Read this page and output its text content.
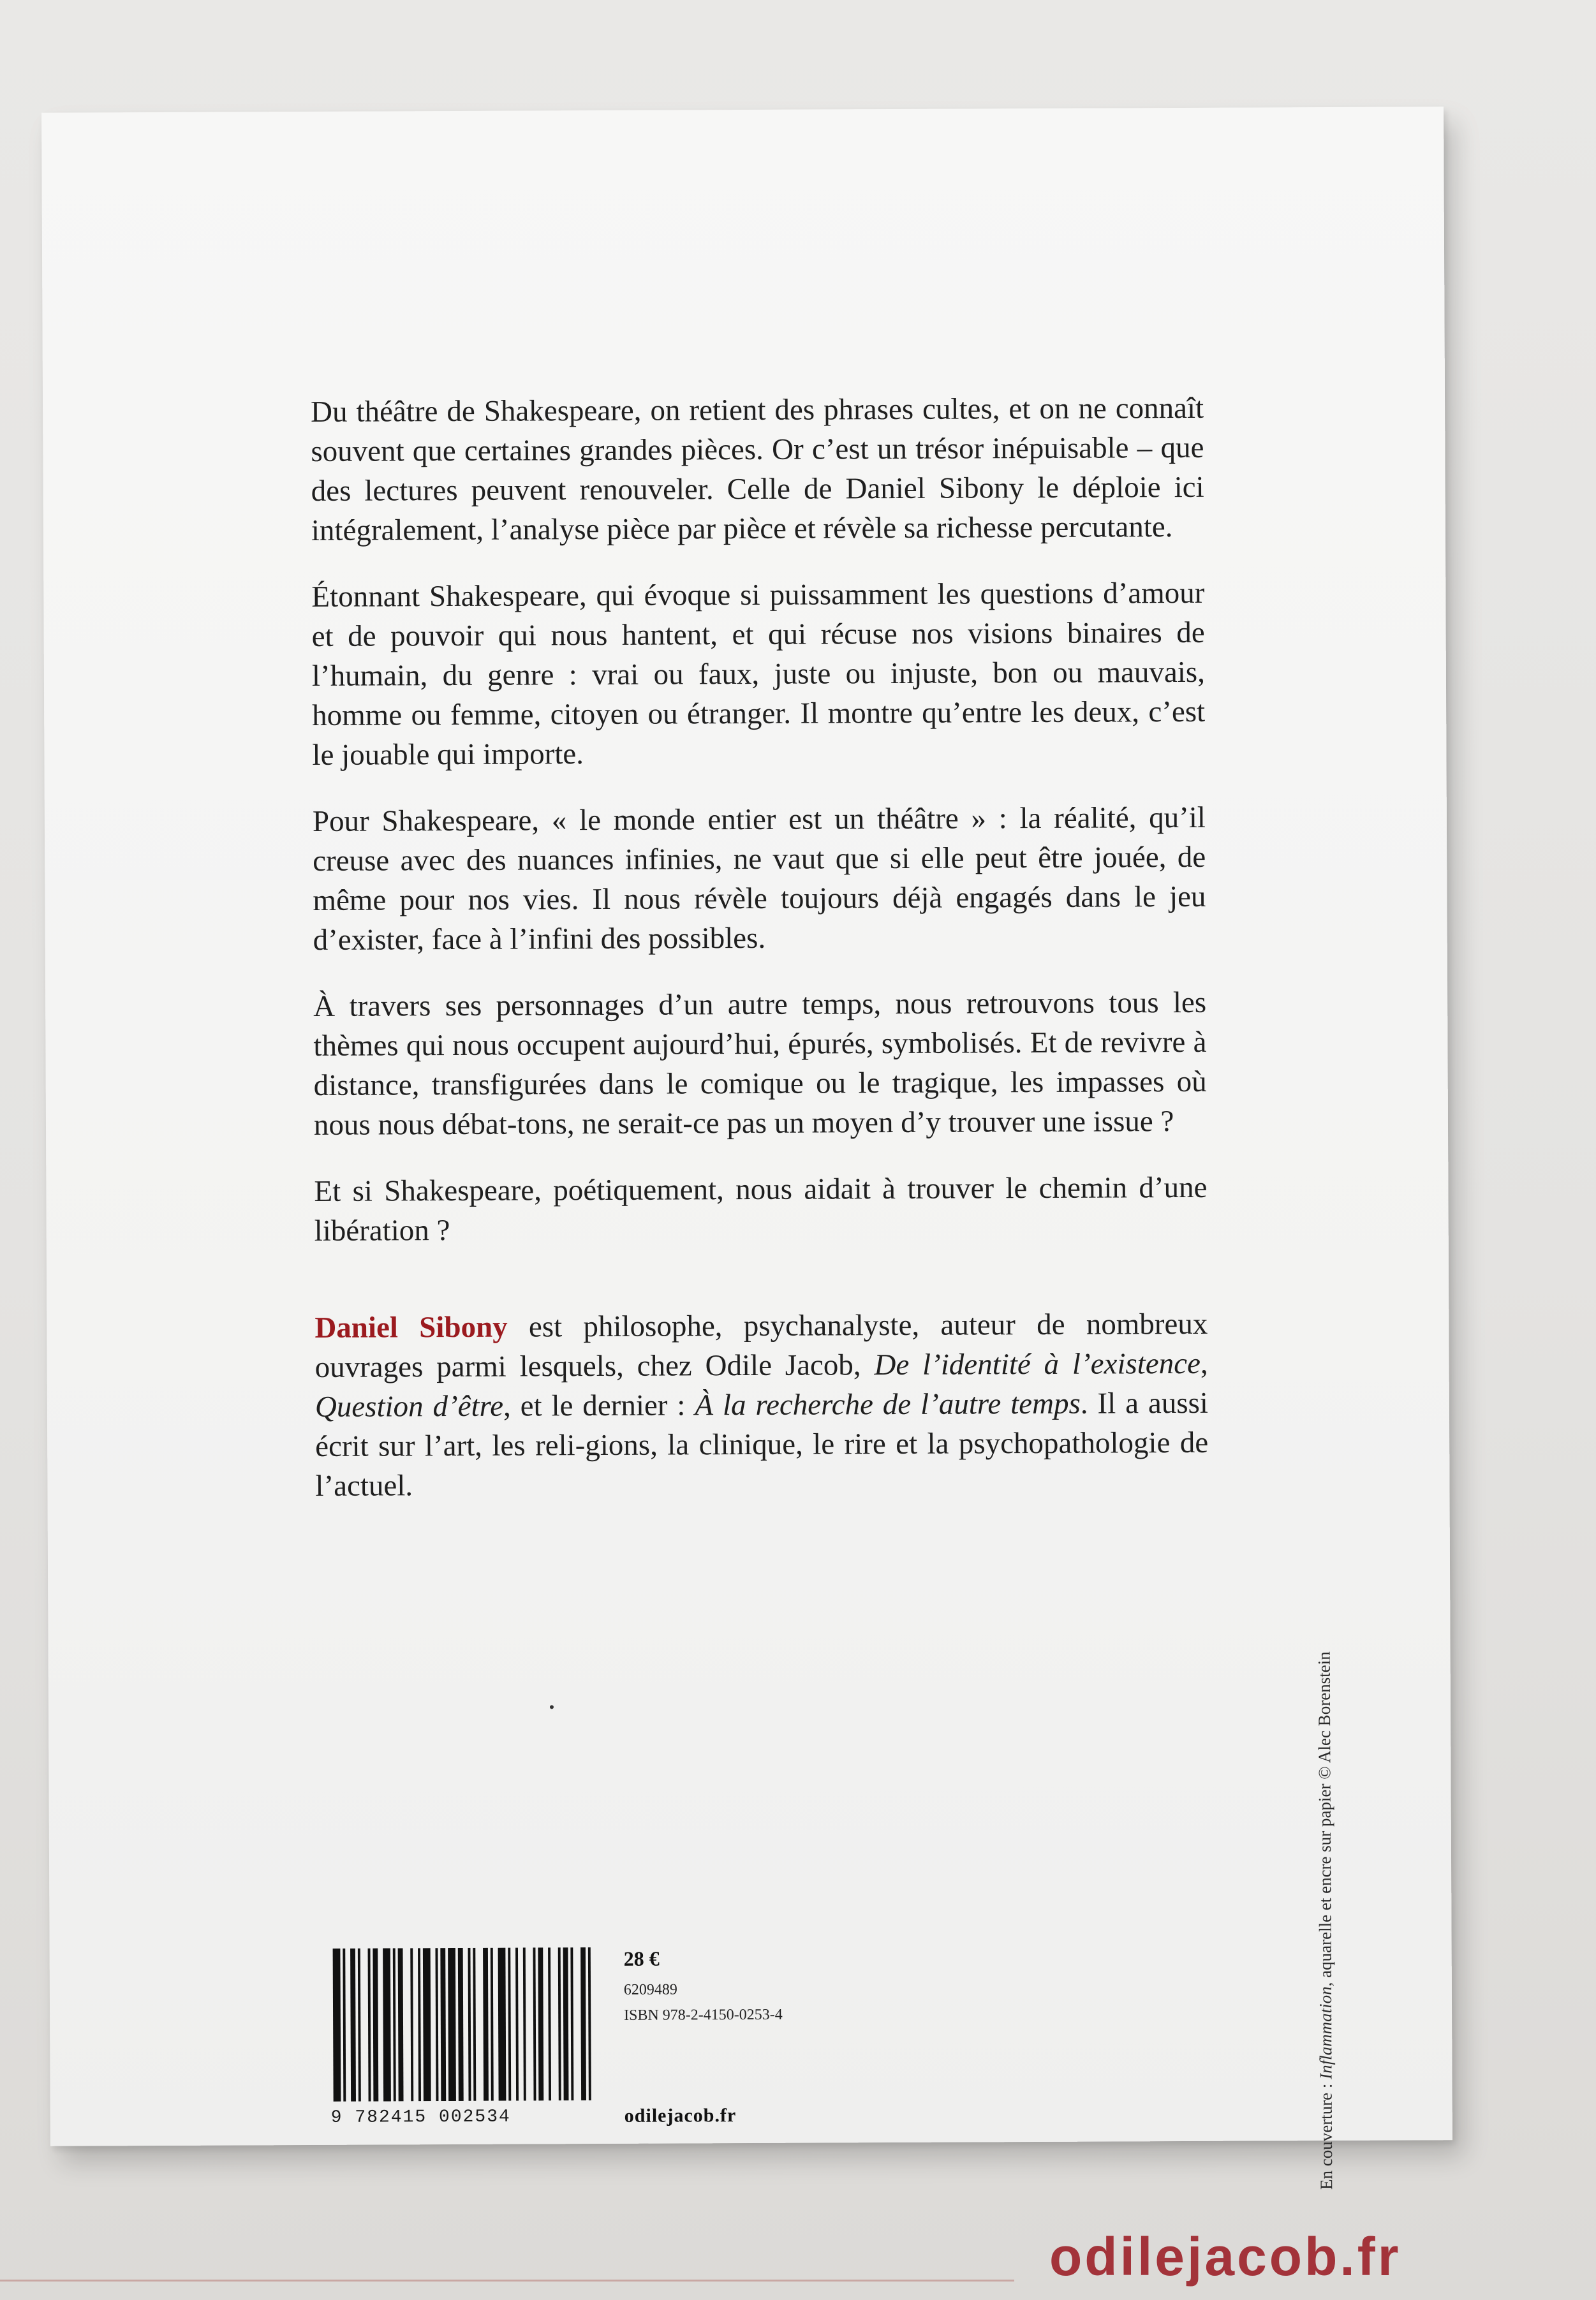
Du théâtre de Shakespeare, on retient des phrases cultes, et on ne connaît souvent que certaines grandes pièces. Or c’est un trésor inépuisable – que des lectures peuvent renouveler. Celle de Daniel Sibony le déploie ici intégralement, l’analyse pièce par pièce et révèle sa richesse percutante.

Étonnant Shakespeare, qui évoque si puissamment les questions d’amour et de pouvoir qui nous hantent, et qui récuse nos visions binaires de l’humain, du genre : vrai ou faux, juste ou injuste, bon ou mauvais, homme ou femme, citoyen ou étranger. Il montre qu’entre les deux, c’est le jouable qui importe.

Pour Shakespeare, « le monde entier est un théâtre » : la réalité, qu’il creuse avec des nuances infinies, ne vaut que si elle peut être jouée, de même pour nos vies. Il nous révèle toujours déjà engagés dans le jeu d’exister, face à l’infini des possibles.

À travers ses personnages d’un autre temps, nous retrouvons tous les thèmes qui nous occupent aujourd’hui, épurés, symbolisés. Et de revivre à distance, transfigurées dans le comique ou le tragique, les impasses où nous nous débat-tons, ne serait-ce pas un moyen d’y trouver une issue ?

Et si Shakespeare, poétiquement, nous aidait à trouver le chemin d’une libération ?

Daniel Sibony est philosophe, psychanalyste, auteur de nombreux ouvrages parmi lesquels, chez Odile Jacob, De l’identité à l’existence, Question d’être, et le dernier : À la recherche de l’autre temps. Il a aussi écrit sur l’art, les reli-gions, la clinique, le rire et la psychopathologie de l’actuel.

9 782415 002534
28 €
6209489
ISBN 978-2-4150-0253-4
odilejacob.fr	En couverture : Inflammation, aquarelle et encre sur papier © Alec Borenstein
odilejacob.fr
